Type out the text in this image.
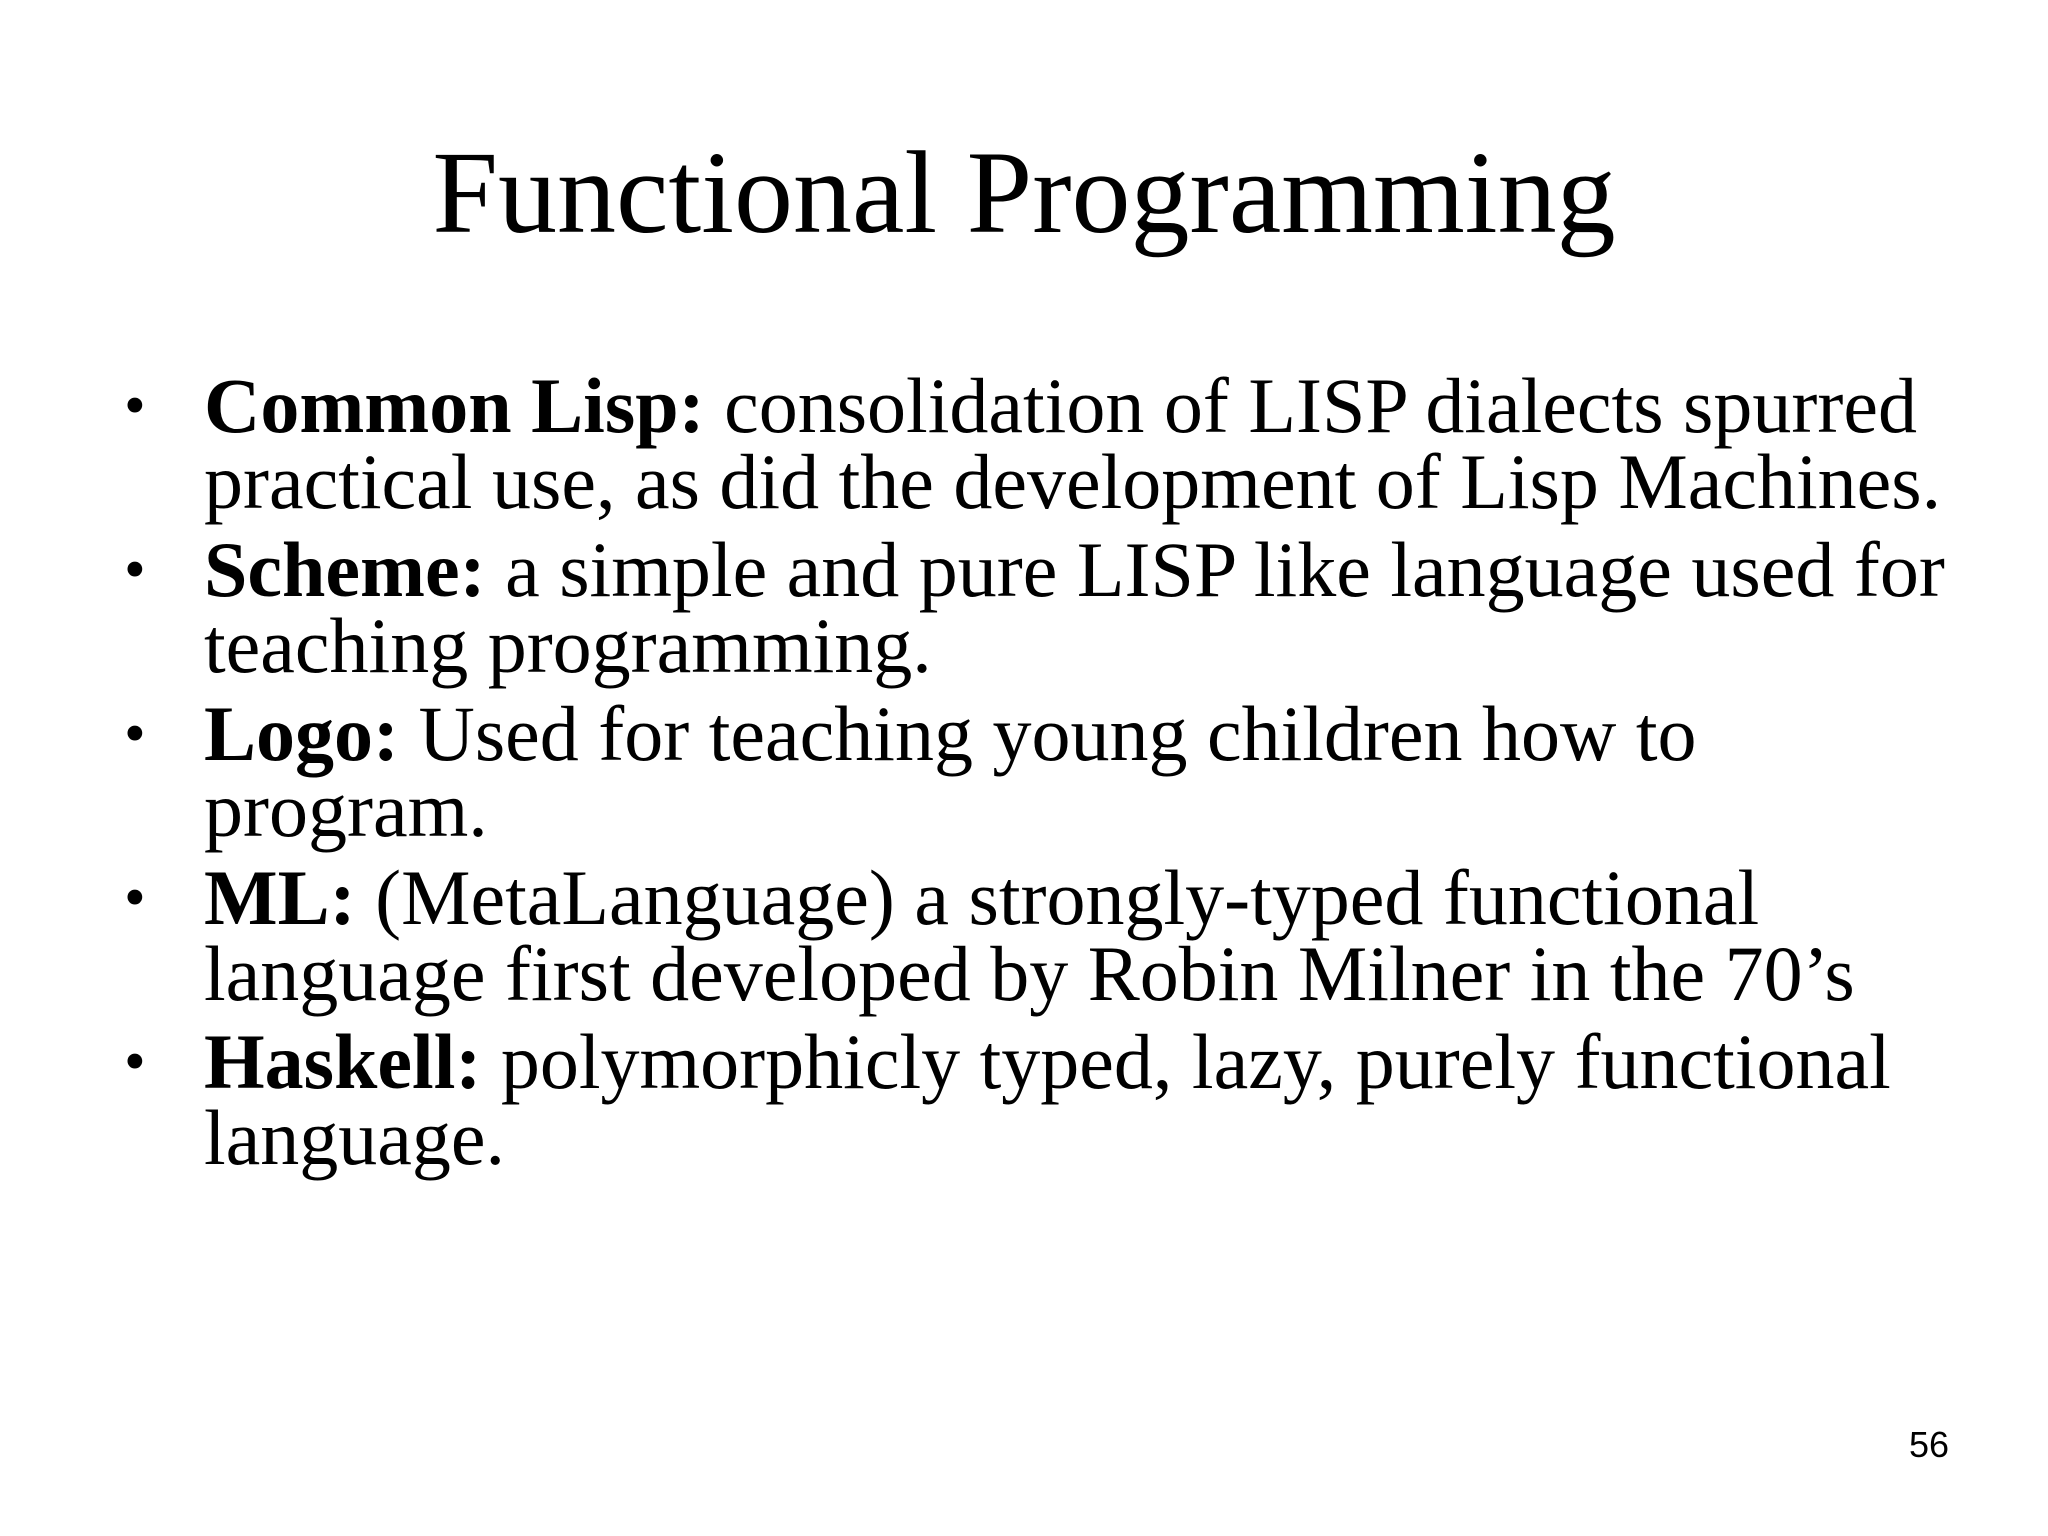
Functional Programming
• Common Lisp: consolidation of LISP dialects spurred practical use, as did the development of Lisp Machines.
• Scheme: a simple and pure LISP like language used for teaching programming.
• Logo: Used for teaching young children how to program.
• ML: (MetaLanguage) a strongly-typed functional language first developed by Robin Milner in the 70’s
• Haskell: polymorphicly typed, lazy, purely functional language.
56
